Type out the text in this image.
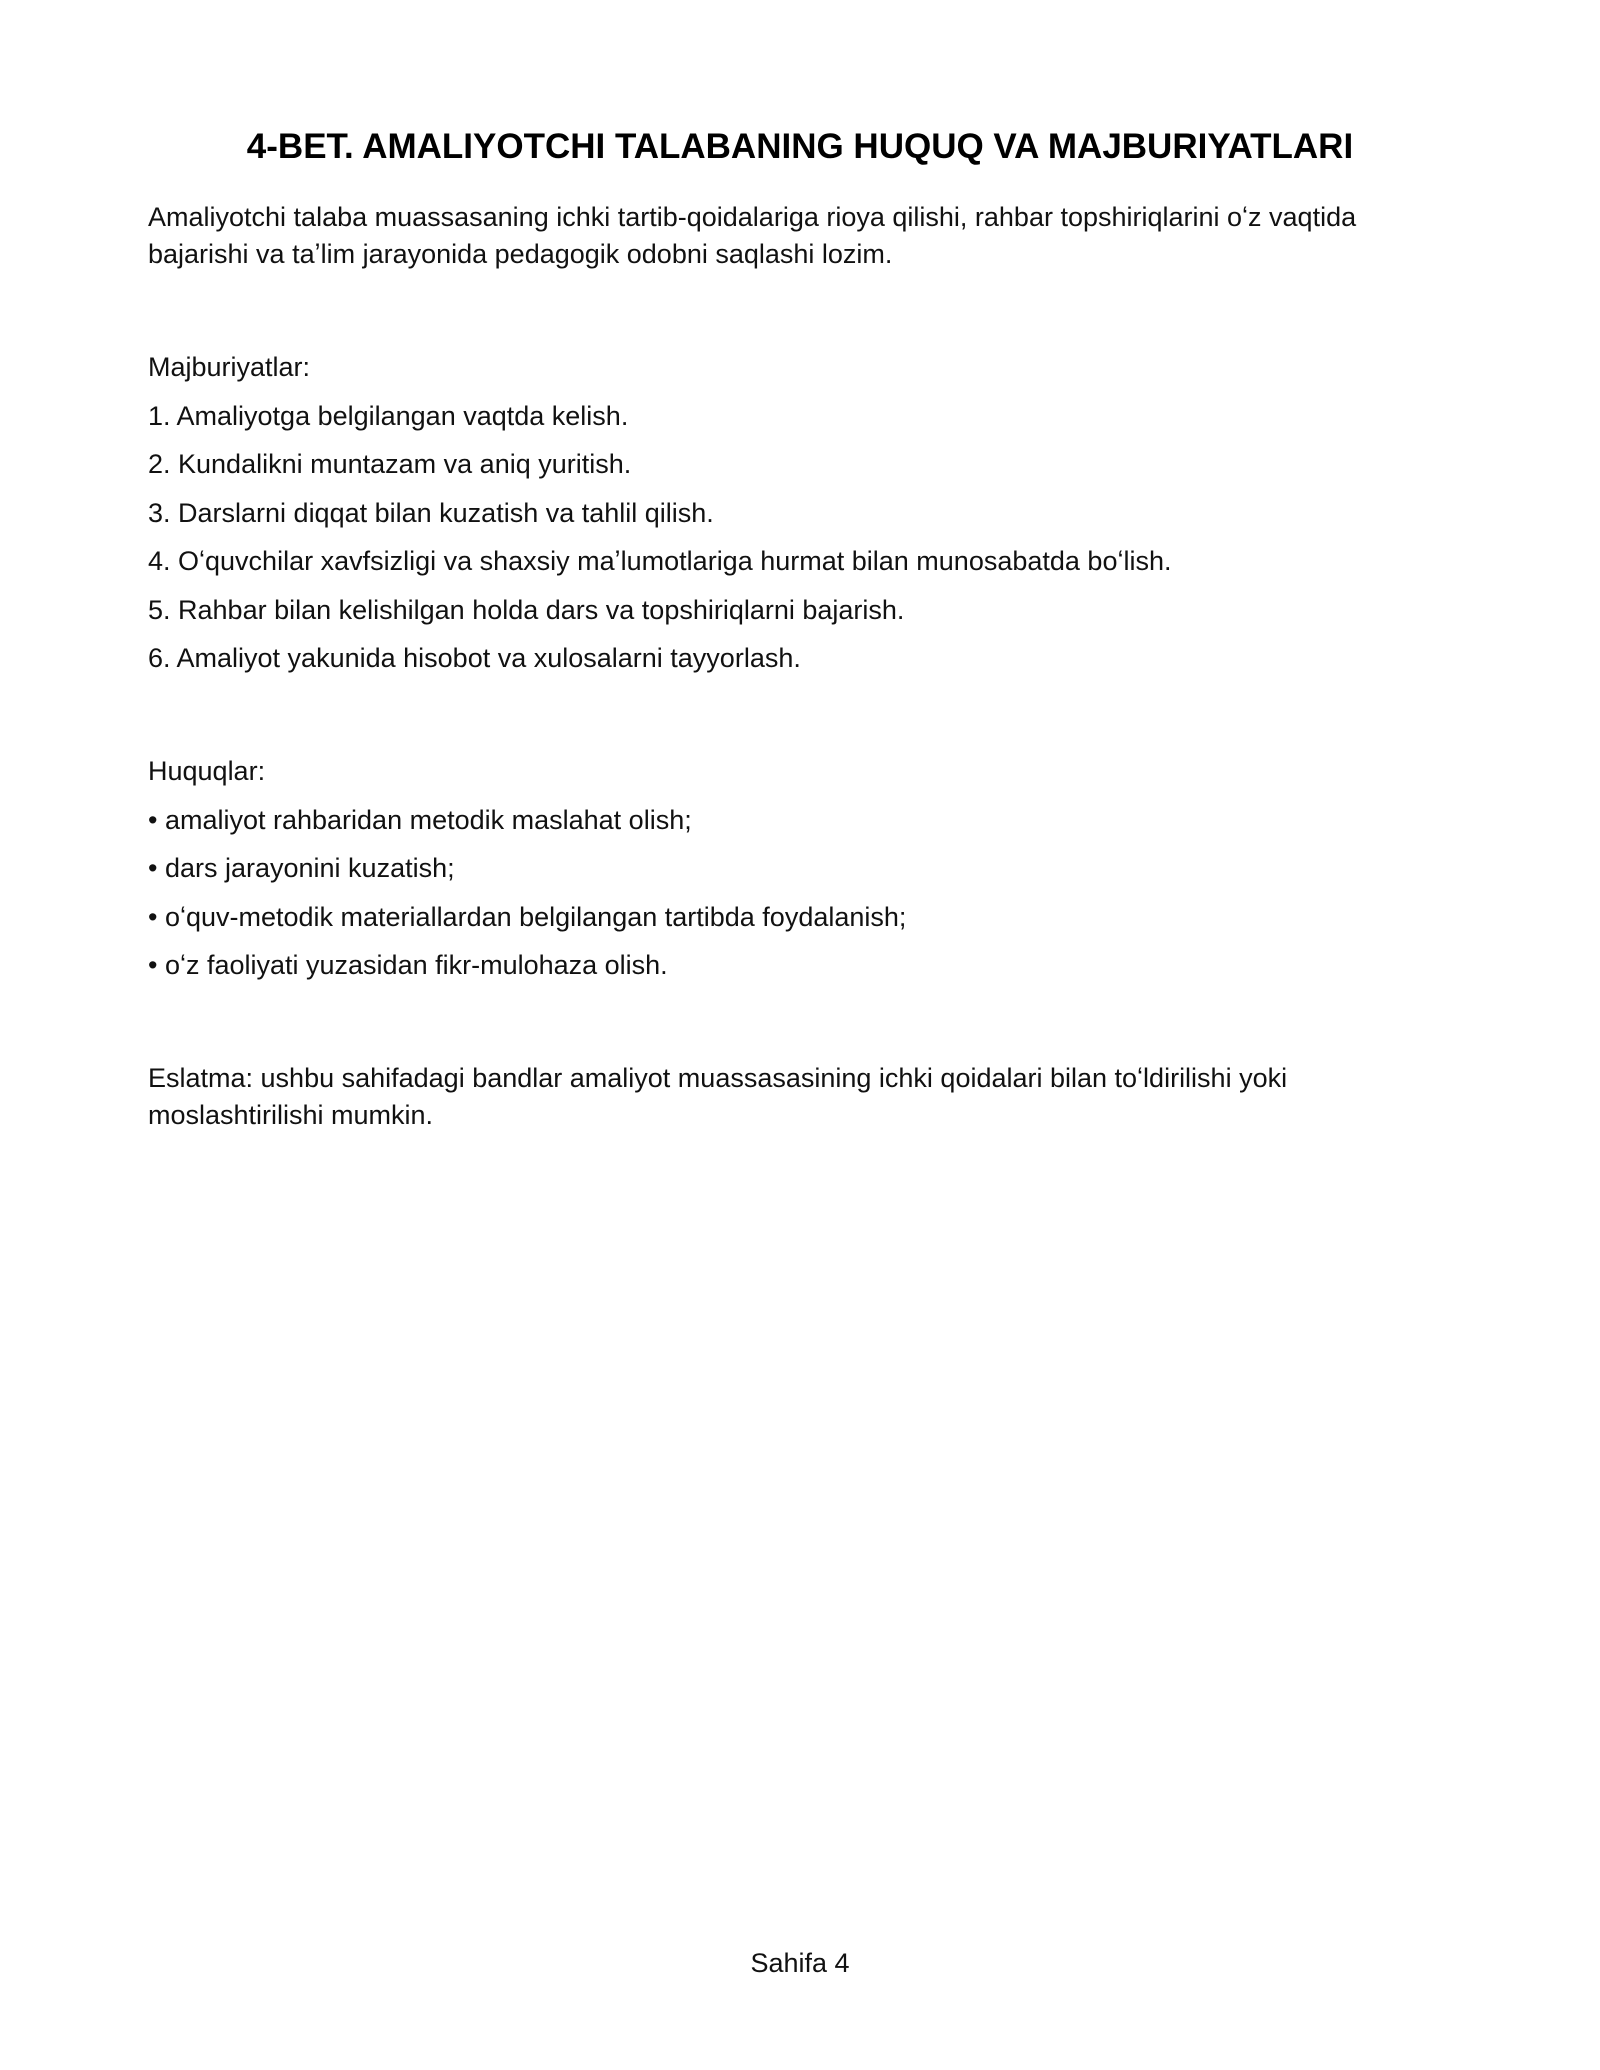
4-BET. AMALIYOTCHI TALABANING HUQUQ VA MAJBURIYATLARI

Amaliyotchi talaba muassasaning ichki tartib-qoidalariga rioya qilishi, rahbar topshiriqlarini oʻz vaqtida bajarishi va taʼlim jarayonida pedagogik odobni saqlashi lozim.

Majburiyatlar:

1. Amaliyotga belgilangan vaqtda kelish.
2. Kundalikni muntazam va aniq yuritish.
3. Darslarni diqqat bilan kuzatish va tahlil qilish.
4. Oʻquvchilar xavfsizligi va shaxsiy maʼlumotlariga hurmat bilan munosabatda boʻlish.
5. Rahbar bilan kelishilgan holda dars va topshiriqlarni bajarish.
6. Amaliyot yakunida hisobot va xulosalarni tayyorlash.

Huquqlar:

• amaliyot rahbaridan metodik maslahat olish;
• dars jarayonini kuzatish;
• oʻquv-metodik materiallardan belgilangan tartibda foydalanish;
• oʻz faoliyati yuzasidan fikr-mulohaza olish.

Eslatma: ushbu sahifadagi bandlar amaliyot muassasasining ichki qoidalari bilan toʻldirilishi yoki moslashtirilishi mumkin.

Sahifa 4
